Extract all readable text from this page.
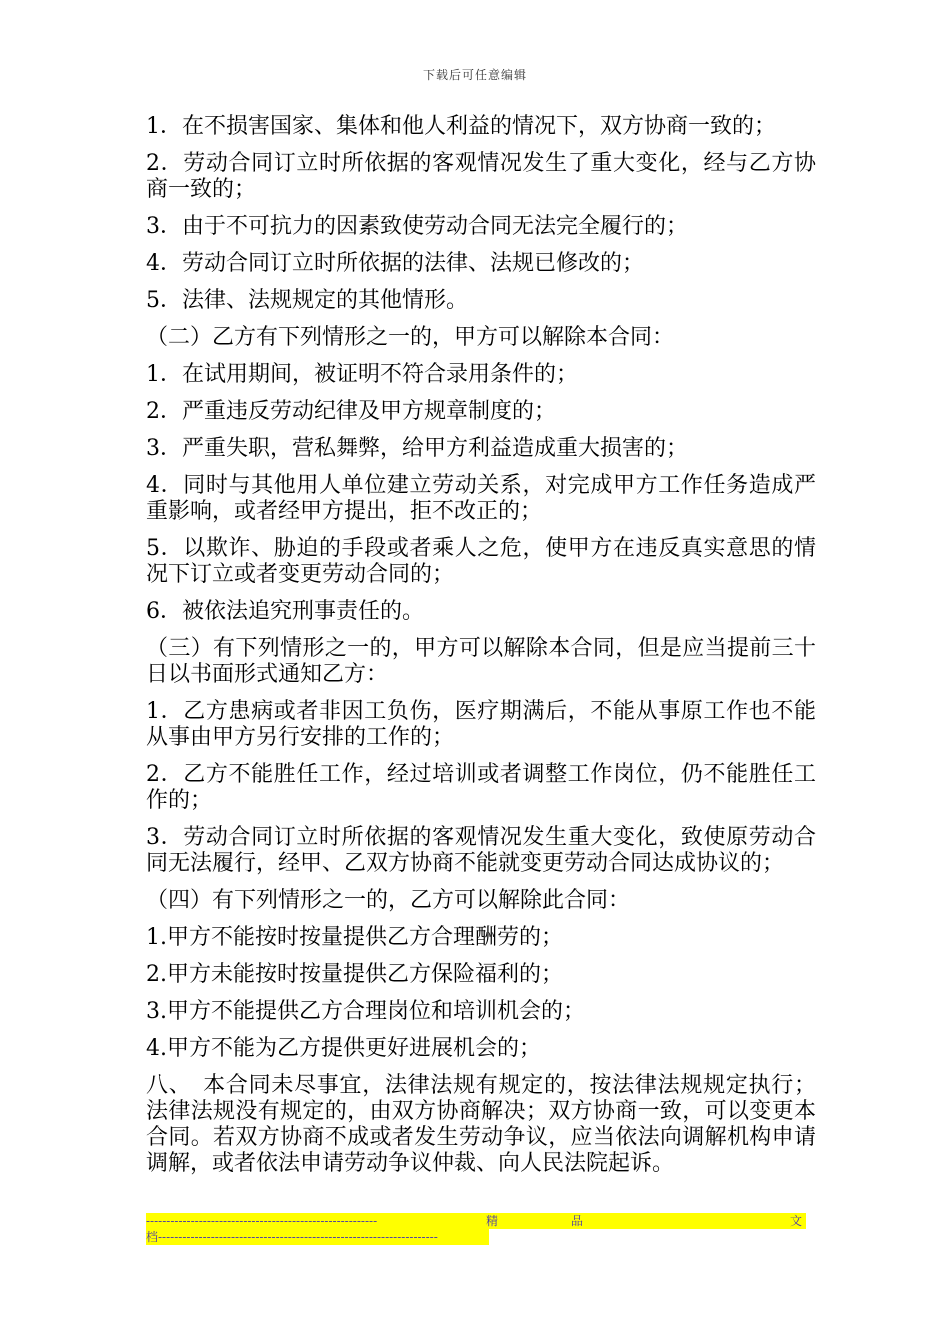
下载后可任意编辑

1．在不损害国家、集体和他人利益的情况下，双方协商一致的；

2．劳动合同订立时所依据的客观情况发生了重大变化，经与乙方协商一致的；

3．由于不可抗力的因素致使劳动合同无法完全履行的；

4．劳动合同订立时所依据的法律、法规已修改的；

5．法律、法规规定的其他情形。

（二）乙方有下列情形之一的，甲方可以解除本合同：

1．在试用期间，被证明不符合录用条件的；

2．严重违反劳动纪律及甲方规章制度的；

3．严重失职，营私舞弊，给甲方利益造成重大损害的；

4．同时与其他用人单位建立劳动关系，对完成甲方工作任务造成严重影响，或者经甲方提出，拒不改正的；

5．以欺诈、胁迫的手段或者乘人之危，使甲方在违反真实意思的情况下订立或者变更劳动合同的；

6．被依法追究刑事责任的。

（三）有下列情形之一的，甲方可以解除本合同，但是应当提前三十日以书面形式通知乙方：

1．乙方患病或者非因工负伤，医疗期满后，不能从事原工作也不能从事由甲方另行安排的工作的；

2．乙方不能胜任工作，经过培训或者调整工作岗位，仍不能胜任工作的；

3．劳动合同订立时所依据的客观情况发生重大变化，致使原劳动合同无法履行，经甲、乙双方协商不能就变更劳动合同达成协议的；

（四）有下列情形之一的，乙方可以解除此合同：

1.甲方不能按时按量提供乙方合理酬劳的；

2.甲方未能按时按量提供乙方保险福利的；

3.甲方不能提供乙方合理岗位和培训机会的；

4.甲方不能为乙方提供更好进展机会的；

八、　本合同未尽事宜，法律法规有规定的，按法律法规规定执行；法律法规没有规定的，由双方协商解决；双方协商一致，可以变更本合同。若双方协商不成或者发生劳动争议，应当依法向调解机构申请调解，或者依法申请劳动争议仲裁、向人民法院起诉。

---------------------------------------------------------	精	品	文
档---------------------------------------------------------------------
